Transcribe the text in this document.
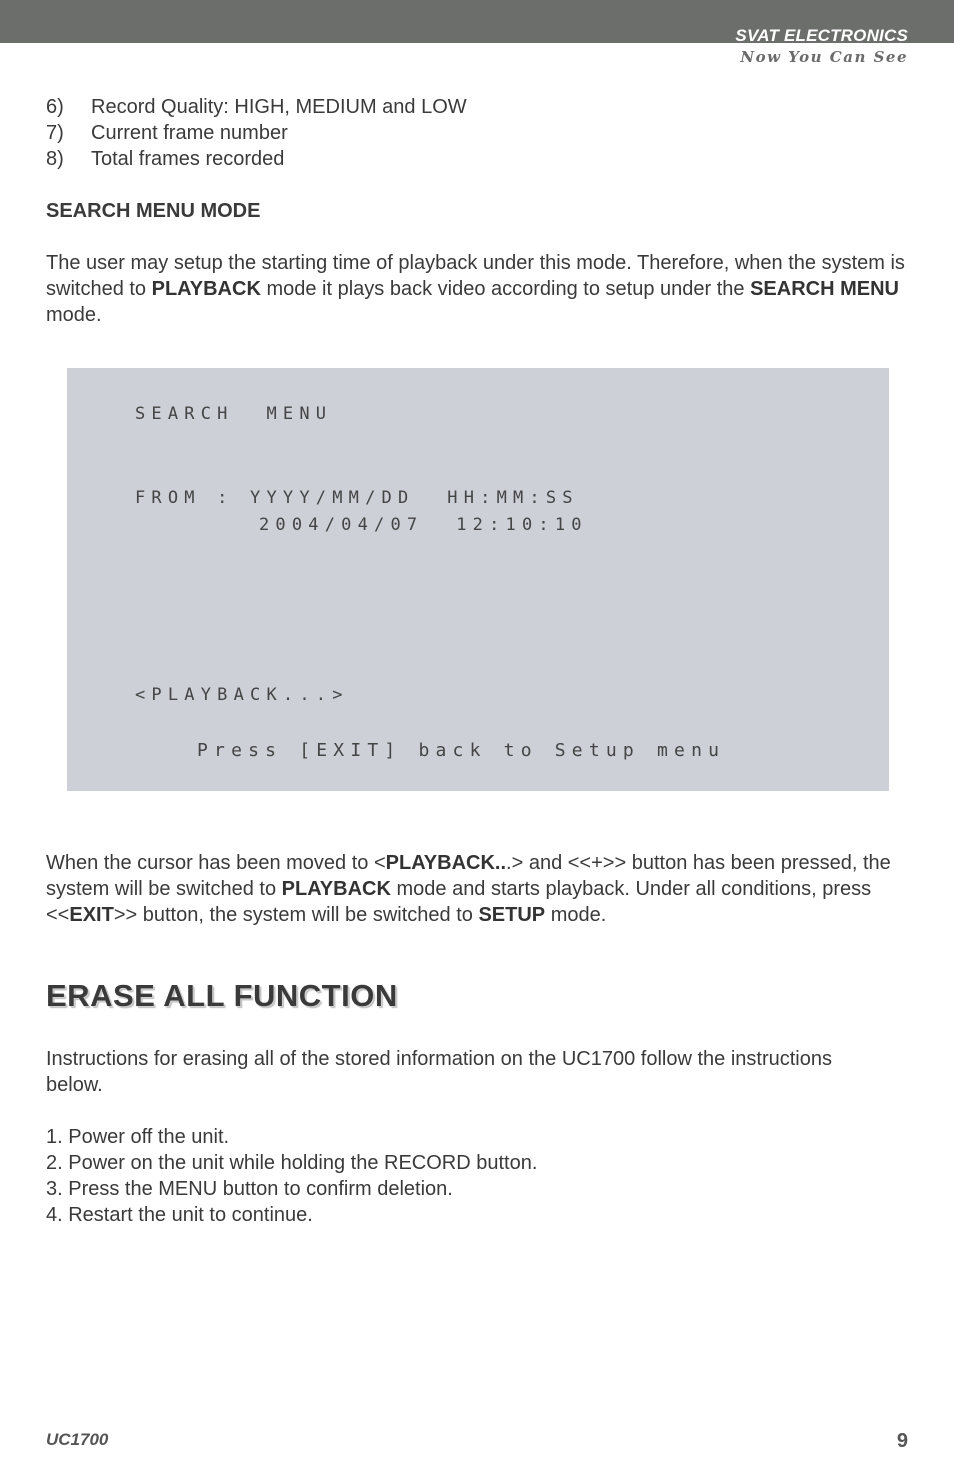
SVAT ELECTRONICS
Now You Can See
6)	Record Quality: HIGH, MEDIUM and LOW
7)	Current frame number
8)	Total frames recorded
SEARCH MENU MODE

The user may setup the starting time of playback under this mode. Therefore, when the system is switched to PLAYBACK mode it plays back video according to setup under the SEARCH MENU mode.

SEARCH  MENU
FROM : YYYY/MM/DD  HH:MM:SS
2004/04/07  12:10:10
<PLAYBACK...>
Press [EXIT] back to Setup menu

When the cursor has been moved to <PLAYBACK...> and <<+>> button has been pressed, the system will be switched to PLAYBACK mode and starts playback. Under all conditions, press <<EXIT>> button, the system will be switched to SETUP mode.

ERASE ALL FUNCTION

Instructions for erasing all of the stored information on the UC1700 follow the instructions below.

1. Power off the unit.
2. Power on the unit while holding the RECORD button.
3. Press the MENU button to confirm deletion.
4. Restart the unit to continue.
UC1700	9
